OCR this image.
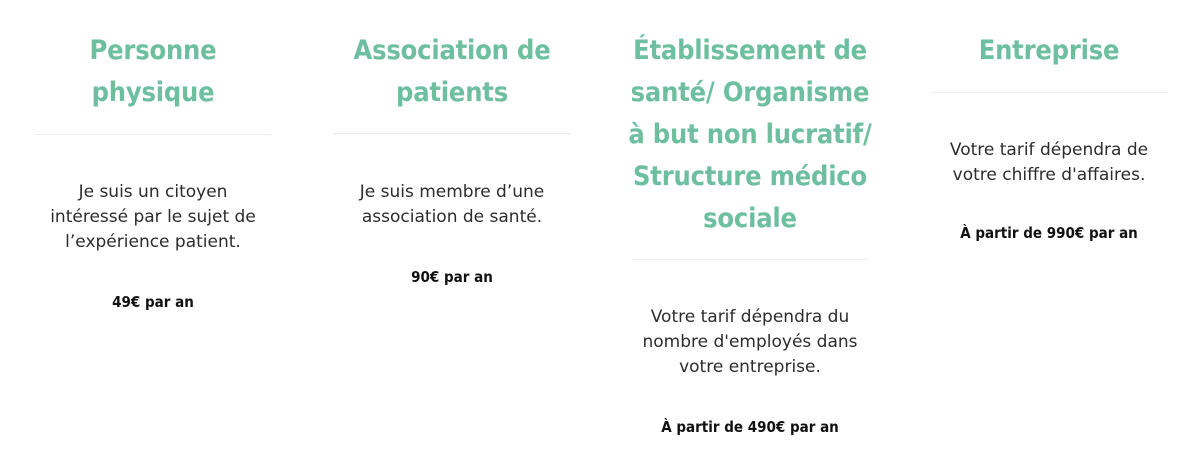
Personne physique

Je suis un citoyen intéressé par le sujet de l’expérience patient.

49€ par an

Association de patients

Je suis membre d’une association de santé.

90€ par an

Établissement de santé/ Organisme à but non lucratif/ Structure médico sociale

Votre tarif dépendra du nombre d'employés dans votre entreprise.

À partir de 490€ par an

Entreprise

Votre tarif dépendra de votre chiffre d'affaires.

À partir de 990€ par an
